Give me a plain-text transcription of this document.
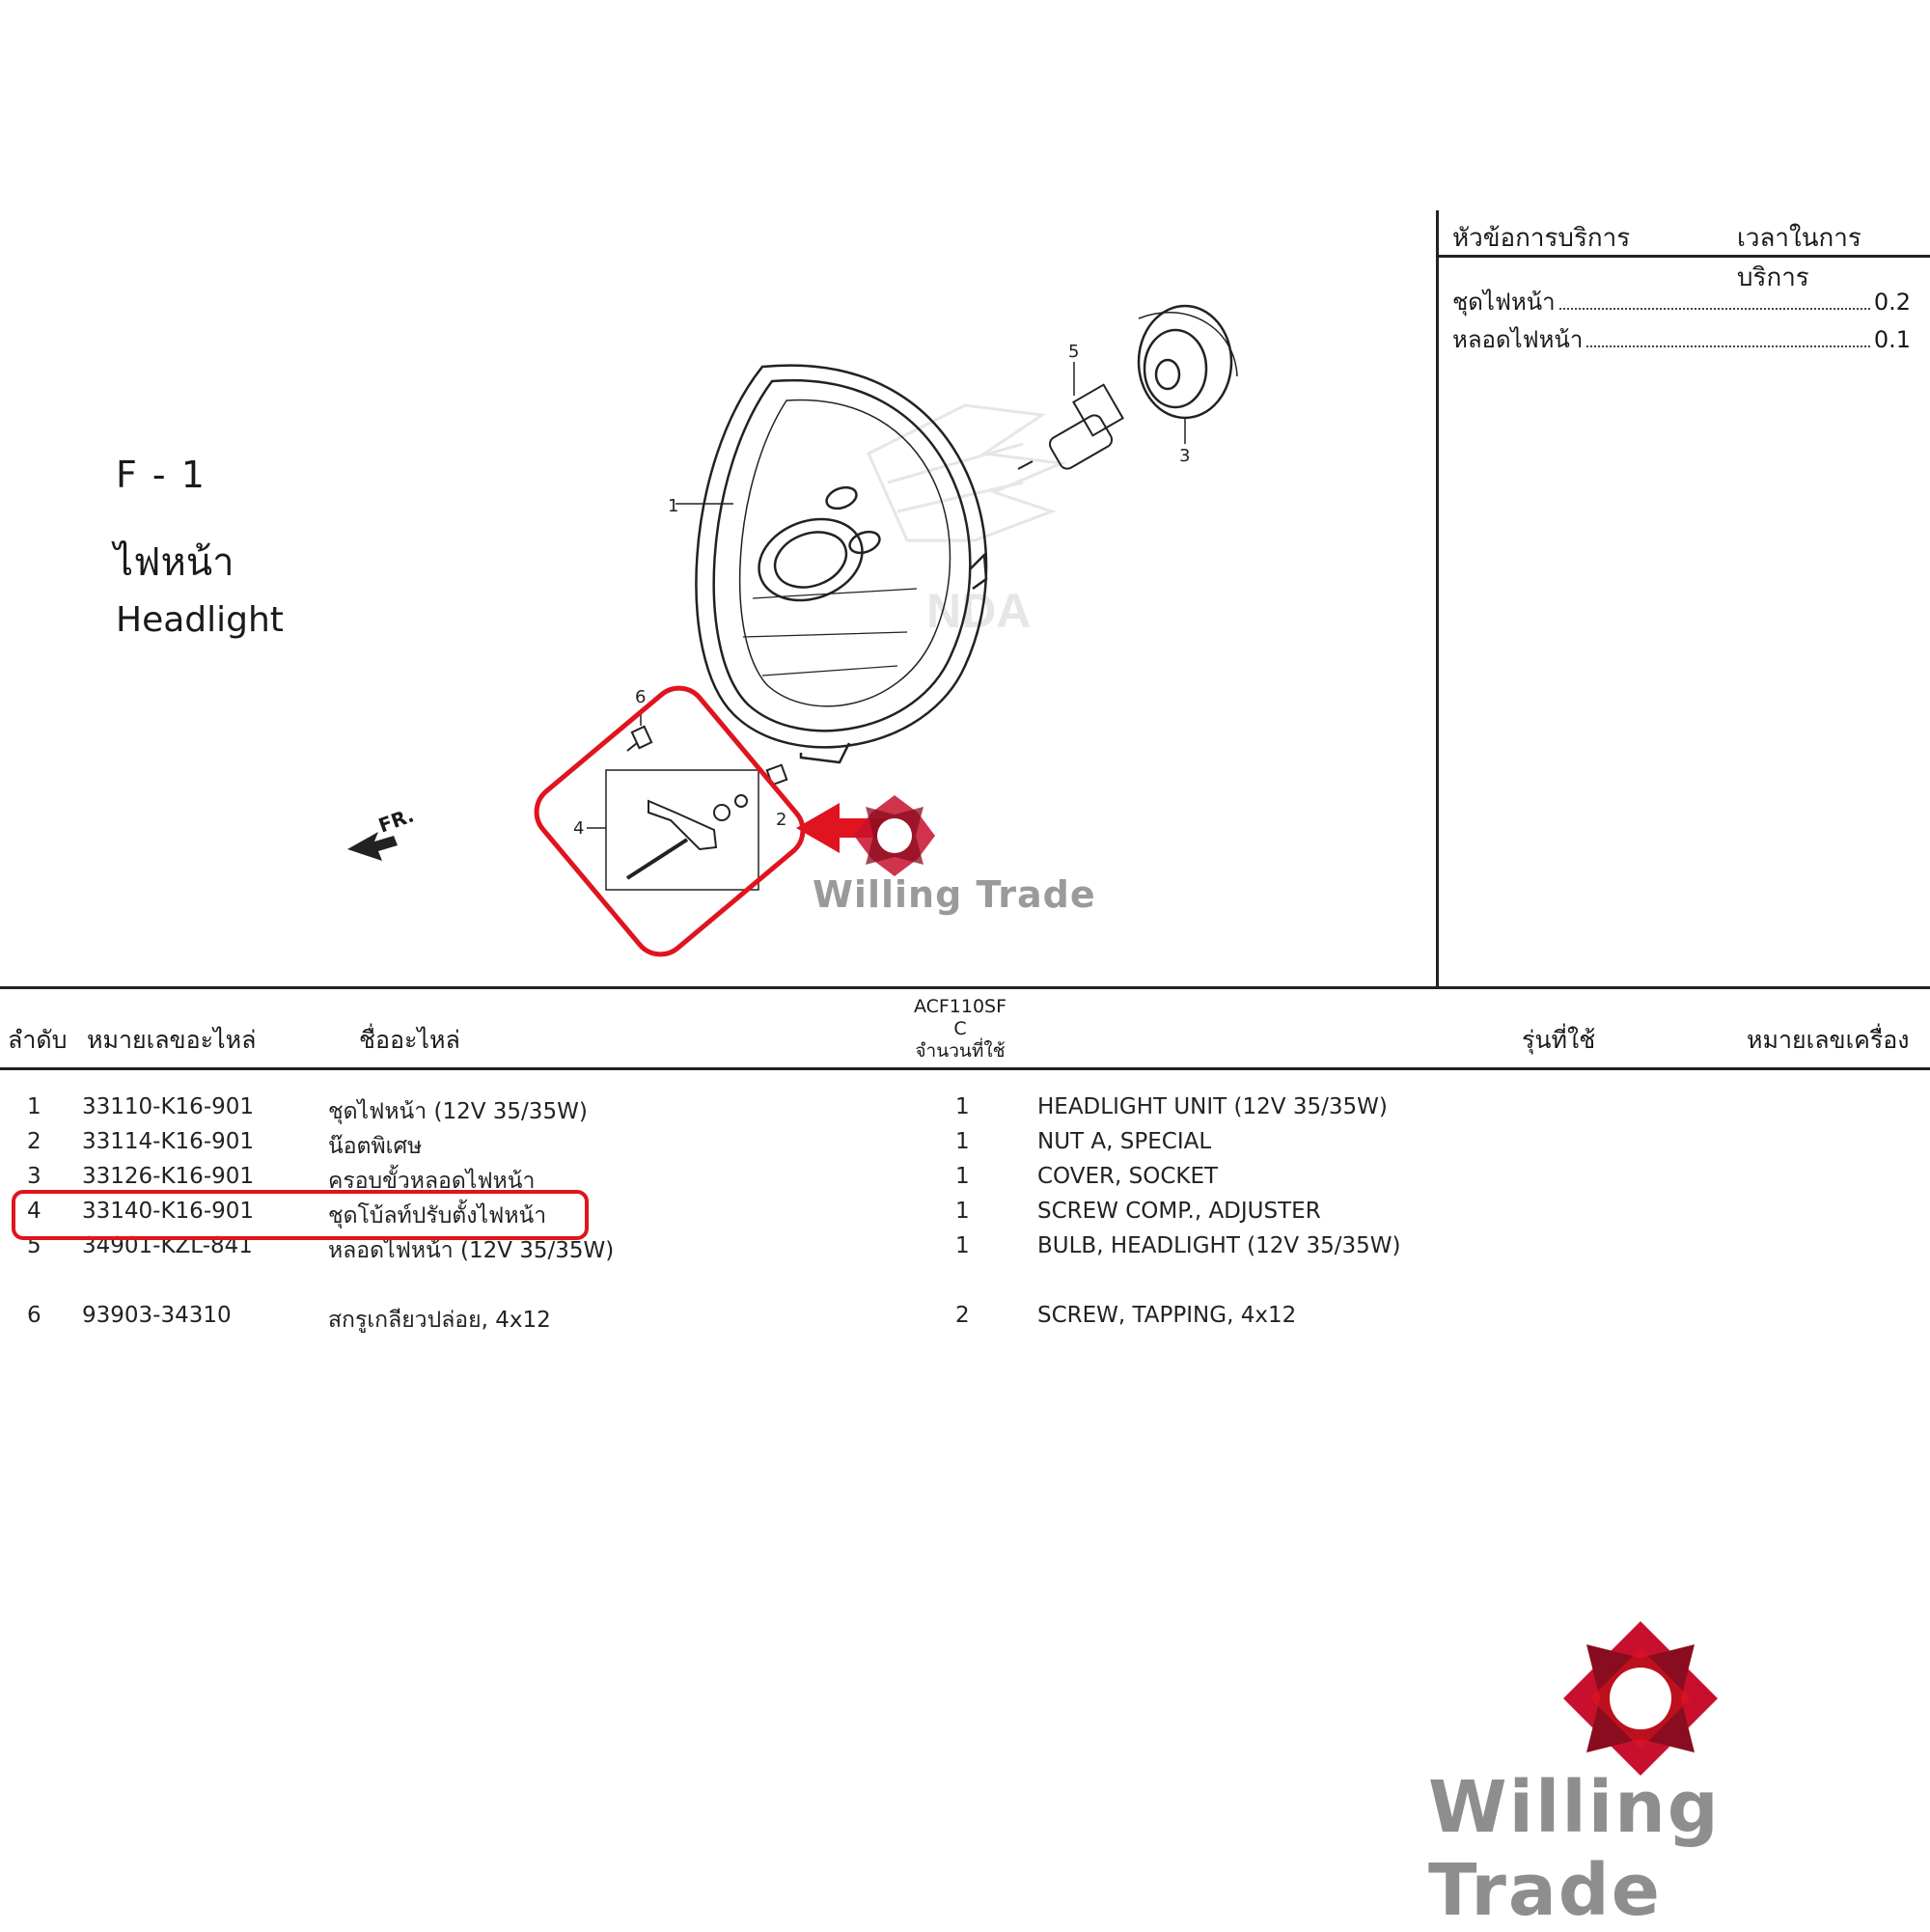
F - 1
ไฟหน้า
Headlight
หัวข้อการบริการ	เวลาในการบริการ
ชุดไฟหน้า	0.2
หลอดไฟหน้า	0.1
NDA
1
2
3
4
5
6
FR.
Willing Trade
ลำดับ หมายเลขอะไหล่	ชื่ออะไหล่
ACF110SF
C
จำนวนที่ใช้	รุ่นที่ใช้	หมายเลขเครื่อง
1 33110-K16-901	ชุดไฟหน้า (12V 35/35W)	1	HEADLIGHT UNIT (12V 35/35W)
2 33114-K16-901	น๊อตพิเศษ	1	NUT A, SPECIAL
3 33126-K16-901	ครอบขั้วหลอดไฟหน้า	1	COVER, SOCKET
4 33140-K16-901	ชุดโบ้ลท์ปรับตั้งไฟหน้า	1	SCREW COMP., ADJUSTER
5 34901-KZL-841	หลอดไฟหน้า (12V 35/35W)	1	BULB, HEADLIGHT (12V 35/35W)
6 93903-34310	สกรูเกลียวปล่อย, 4x12	2	SCREW, TAPPING, 4x12
Willing Trade
